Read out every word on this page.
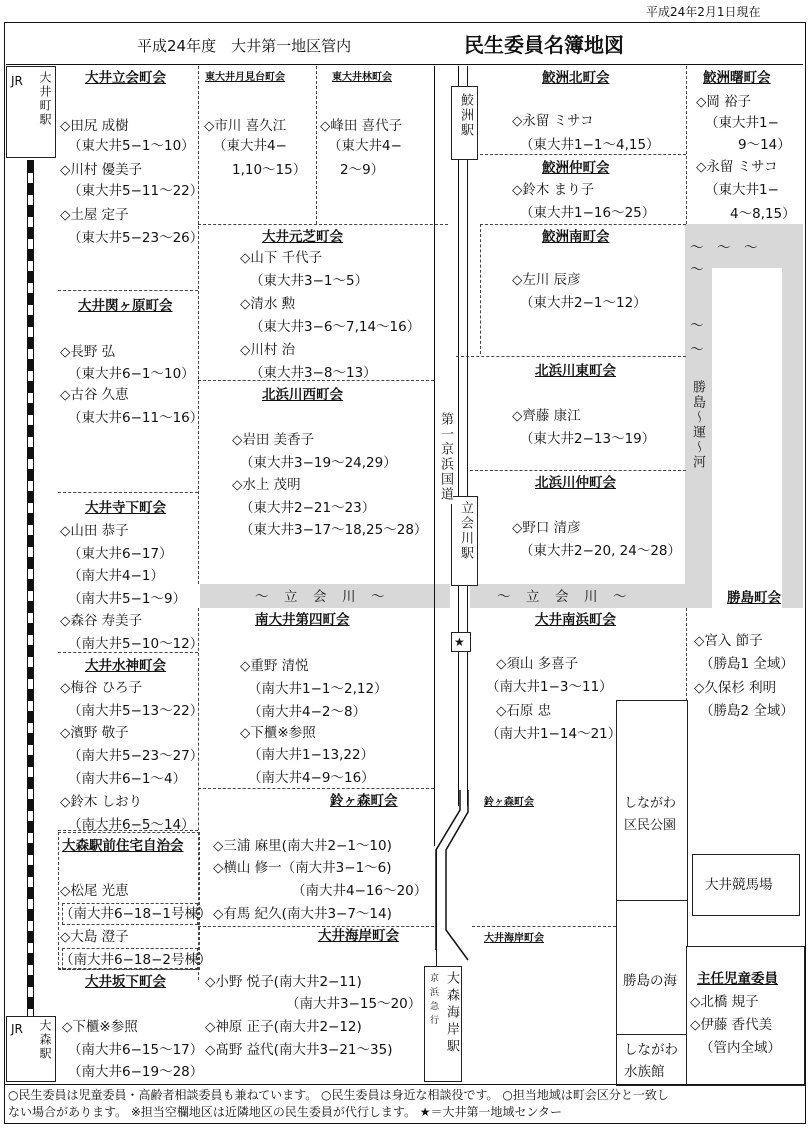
平成24年2月1日現在
平成24年度　大井第一地区管内	民生委員名簿地図
〜　立　会　川　〜	〜　立　会　川　〜
勝島〜運〜河
〜　〜　〜
〜
〜
〜
JR 大井町駅
JR 大森駅
鮫洲駅
立会川駅
第一京浜国道
★
京浜急行 大森海岸駅
しながわ区民公園
大井競馬場
勝島の海
しながわ水族館
大井立会町会	東大井月見台町会	東大井林町会	鮫洲北町会	鮫洲曙町会
鮫洲仲町会
大井元芝町会	鮫洲南町会
大井関ヶ原町会
北浜川東町会
北浜川西町会
北浜川仲町会
大井寺下町会
勝島町会
南大井第四町会	大井南浜町会
大井水神町会
鈴ヶ森町会	鈴ヶ森町会
大森駅前住宅自治会
大井海岸町会	大井海岸町会
大井坂下町会	主任児童委員
◇田尻 成樹
（東大井5−1〜10）
◇川村 優美子
（東大井5−11〜22）
◇土屋 定子
（東大井5−23〜26）
◇市川 喜久江
（東大井4−
1,10〜15）
◇峰田 喜代子
（東大井4−
2〜9）
◇永留 ミサコ
（東大井1−1〜4,15）
◇鈴木 まり子
（東大井1−16〜25）
◇岡 裕子
（東大井1−
9〜14）
◇永留 ミサコ
（東大井1−
4〜8,15）
◇山下 千代子
（東大井3−1〜5）
◇清水 勲
（東大井3−6〜7,14〜16）
◇川村 治
（東大井3−8〜13）
◇左川 辰彦
（東大井2−1〜12）
◇長野 弘
（東大井6−1〜10）
◇古谷 久恵
（東大井6−11〜16）	◇齊藤 康江
（東大井2−13〜19）
◇岩田 美香子
（東大井3−19〜24,29）
◇水上 茂明
（東大井2−21〜23）
（東大井3−17〜18,25〜28）	◇野口 清彦
（東大井2−20, 24〜28）
◇山田 恭子
（東大井6−17）
（南大井4−1）
（南大井5−1〜9）
◇森谷 寿美子
（南大井5−10〜12）	◇宮入 節子
（勝島1 全域）
◇久保杉 利明
（勝島2 全域）
◇重野 清悦
（南大井1−1〜2,12）
（南大井4−2〜8）
◇下櫃※参照
（南大井1−13,22）
（南大井4−9〜16）
◇須山 多喜子
（南大井1−3〜11）
◇石原 忠
（南大井1−14〜21）
◇梅谷 ひろ子
（南大井5−13〜22）
◇濱野 敬子
（南大井5−23〜27）
（南大井6−1〜4）
◇鈴木 しおり
（南大井6−5〜14）
◇三浦 麻里(南大井2−1〜10)
◇横山 修一（南大井3−1〜6)
（南大井4−16〜20）
◇有馬 紀久(南大井3−7〜14)
◇松尾 光恵
（南大井6−18−1号棟）
◇大島 澄子
（南大井6−18−2号棟）
◇小野 悦子(南大井2−11)
（南大井3−15〜20）
◇神原 正子(南大井2−12)
◇髙野 益代(南大井3−21〜35)
◇下櫃※参照
（南大井6−15〜17）
（南大井6−19〜28）
◇北橋 規子
◇伊藤 香代美
（管内全域）
○民生委員は児童委員・高齢者相談委員も兼ねています。 ○民生委員は身近な相談役です。 ○担当地域は町会区分と一致し
ない場合があります。 ※担当空欄地区は近隣地区の民生委員が代行します。 ★＝大井第一地域センター
